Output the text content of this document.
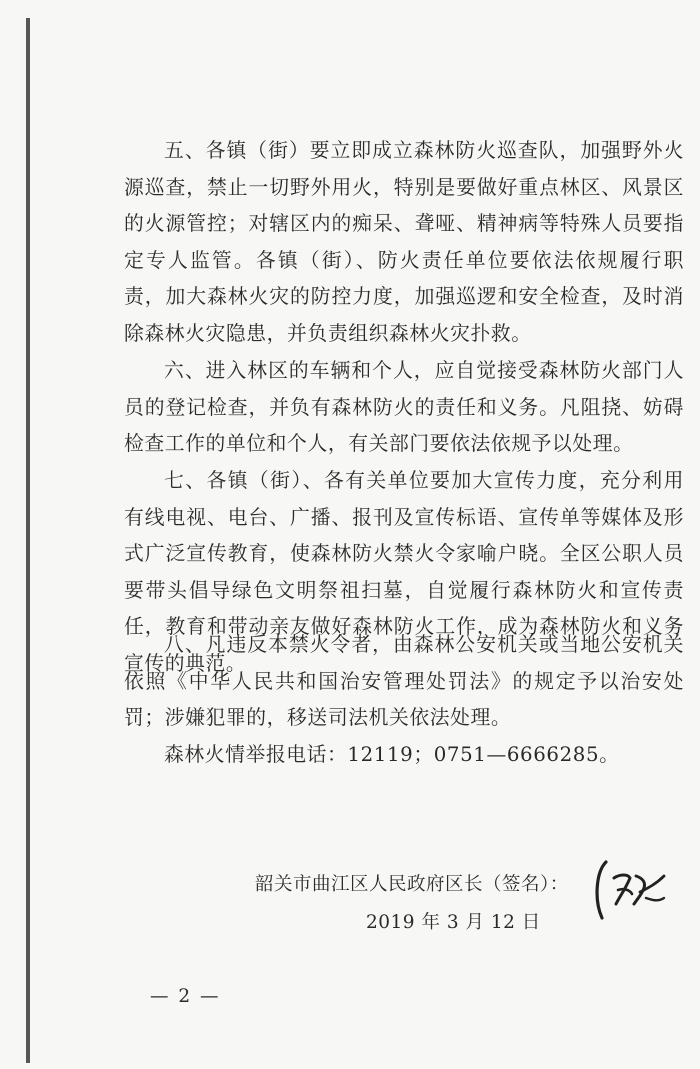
五、各镇（街）要立即成立森林防火巡查队，加强野外火源巡查，禁止一切野外用火，特别是要做好重点林区、风景区的火源管控；对辖区内的痴呆、聋哑、精神病等特殊人员要指定专人监管。各镇（街）、防火责任单位要依法依规履行职责，加大森林火灾的防控力度，加强巡逻和安全检查，及时消除森林火灾隐患，并负责组织森林火灾扑救。

六、进入林区的车辆和个人，应自觉接受森林防火部门人员的登记检查，并负有森林防火的责任和义务。凡阻挠、妨碍检查工作的单位和个人，有关部门要依法依规予以处理。

七、各镇（街）、各有关单位要加大宣传力度，充分利用有线电视、电台、广播、报刊及宣传标语、宣传单等媒体及形式广泛宣传教育，使森林防火禁火令家喻户晓。全区公职人员要带头倡导绿色文明祭祖扫墓，自觉履行森林防火和宣传责任，教育和带动亲友做好森林防火工作，成为森林防火和义务宣传的典范。

八、凡违反本禁火令者，由森林公安机关或当地公安机关依照《中华人民共和国治安管理处罚法》的规定予以治安处罚；涉嫌犯罪的，移送司法机关依法处理。

森林火情举报电话：12119；0751—6666285。

韶关市曲江区人民政府区长（签名）：
2019 年 3 月 12 日
— 2 —
